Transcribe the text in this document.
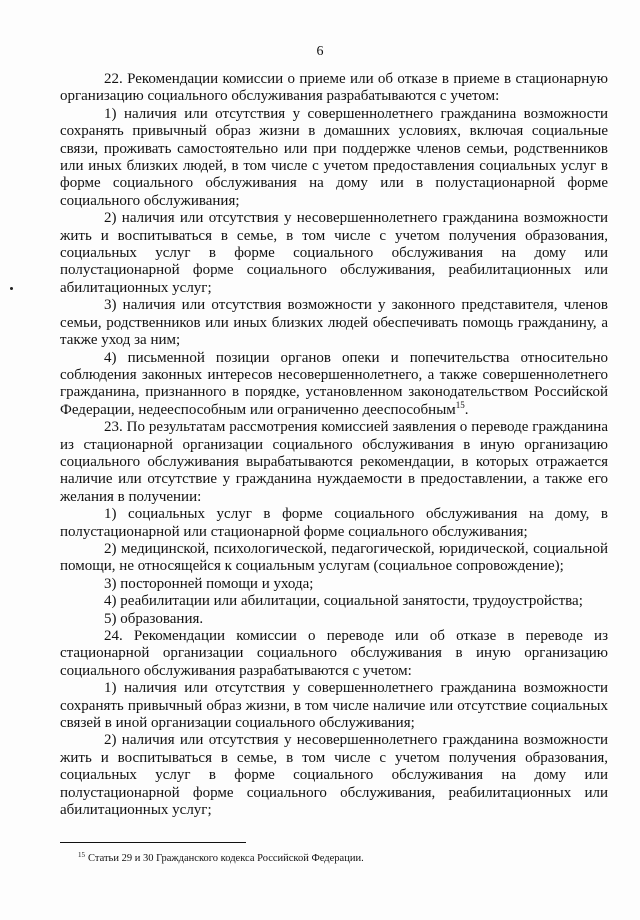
6

22. Рекомендации комиссии о приеме или об отказе в приеме в стационарную организацию социального обслуживания разрабатываются с учетом:

1) наличия или отсутствия у совершеннолетнего гражданина возможности сохранять привычный образ жизни в домашних условиях, включая социальные связи, проживать самостоятельно или при поддержке членов семьи, родственников или иных близких людей, в том числе с учетом предоставления социальных услуг в форме социального обслуживания на дому или в полустационарной форме социального обслуживания;

2) наличия или отсутствия у несовершеннолетнего гражданина возможности жить и воспитываться в семье, в том числе с учетом получения образования, социальных услуг в форме социального обслуживания на дому или полустационарной форме социального обслуживания, реабилитационных или абилитационных услуг;

3) наличия или отсутствия возможности у законного представителя, членов семьи, родственников или иных близких людей обеспечивать помощь гражданину, а также уход за ним;

4) письменной позиции органов опеки и попечительства относительно соблюдения законных интересов несовершеннолетнего, а также совершеннолетнего гражданина, признанного в порядке, установленном законодательством Российской Федерации, недееспособным или ограниченно дееспособным$^{15}$.

23. По результатам рассмотрения комиссией заявления о переводе гражданина из стационарной организации социального обслуживания в иную организацию социального обслуживания вырабатываются рекомендации, в которых отражается наличие или отсутствие у гражданина нуждаемости в предоставлении, а также его желания в получении:

1) социальных услуг в форме социального обслуживания на дому, в полустационарной или стационарной форме социального обслуживания;

2) медицинской, психологической, педагогической, юридической, социальной помощи, не относящейся к социальным услугам (социальное сопровождение);

3) посторонней помощи и ухода;

4) реабилитации или абилитации, социальной занятости, трудоустройства;

5) образования.

24. Рекомендации комиссии о переводе или об отказе в переводе из стационарной организации социального обслуживания в иную организацию социального обслуживания разрабатываются с учетом:

1) наличия или отсутствия у совершеннолетнего гражданина возможности сохранять привычный образ жизни, в том числе наличие или отсутствие социальных связей в иной организации социального обслуживания;

2) наличия или отсутствия у несовершеннолетнего гражданина возможности жить и воспитываться в семье, в том числе с учетом получения образования, социальных услуг в форме социального обслуживания на дому или полустационарной форме социального обслуживания, реабилитационных или абилитационных услуг;

$^{15}$ Статьи 29 и 30 Гражданского кодекса Российской Федерации.
